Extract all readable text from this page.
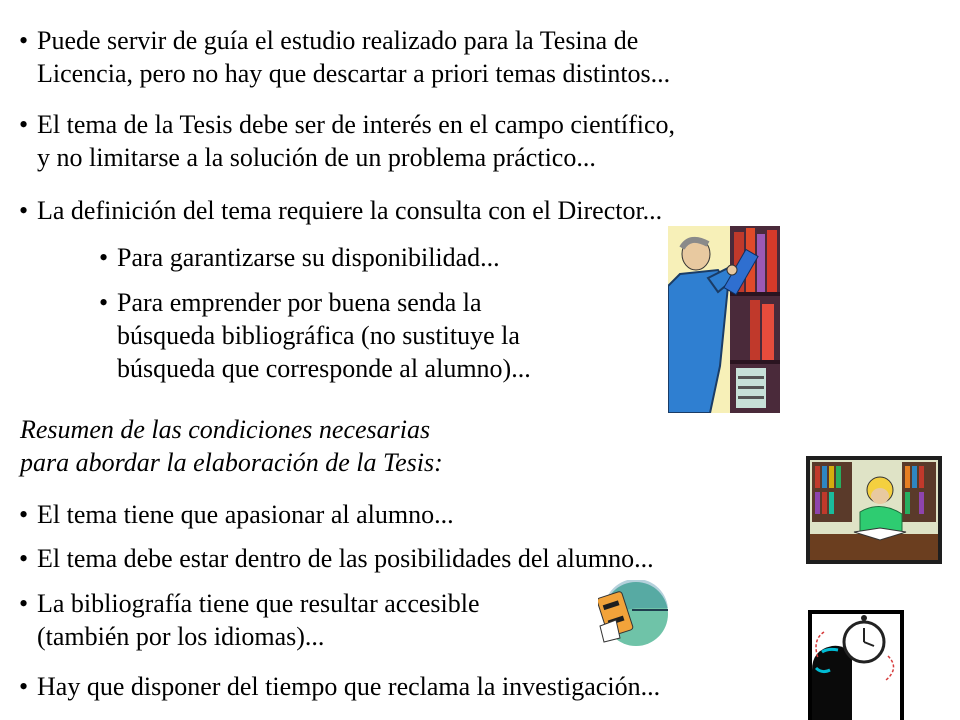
• Puede servir de guía el estudio realizado para la Tesina de
Licencia, pero no hay que descartar a priori temas distintos...
• El tema de la Tesis debe ser de interés en el campo científico,
y no limitarse a la solución de un problema práctico...
• La definición del tema requiere la consulta con el Director...
• Para garantizarse su disponibilidad...
• Para emprender por buena senda la
búsqueda bibliográfica (no sustituye la
búsqueda que corresponde al alumno)...
Resumen de las condiciones necesarias
para abordar la elaboración de la Tesis:
• El tema tiene que apasionar al alumno...
• El tema debe estar dentro de las posibilidades del alumno...
• La bibliografía tiene que resultar accesible
(también por los idiomas)...
• Hay que disponer del tiempo que reclama la investigación...
